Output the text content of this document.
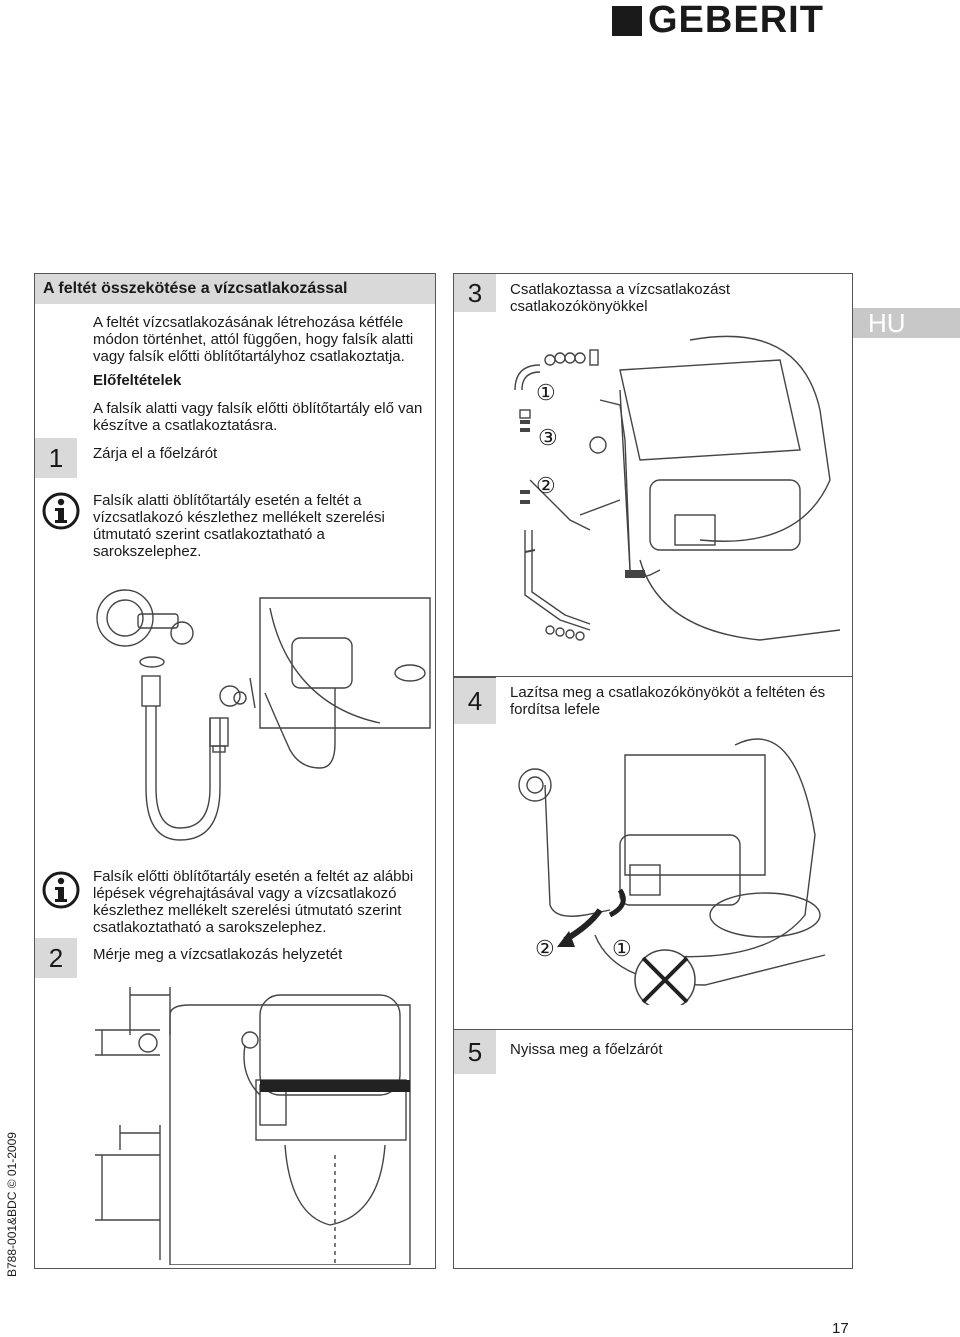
GEBERIT
HU
A feltét összekötése a vízcsatlakozással
A feltét vízcsatlakozásának létrehozása kétféle módon történhet, attól függően, hogy falsík alatti vagy falsík előtti öblítőtartályhoz csatlakoztatja.
Előfeltételek
A falsík alatti vagy falsík előtti öblítőtartály elő van készítve a csatlakoztatásra.
1 Zárja el a főelzárót
Falsík alatti öblítőtartály esetén a feltét a vízcsatlakozó készlethez mellékelt szerelési útmutató szerint csatlakoztatható a sarokszelephez.
Falsík előtti öblítőtartály esetén a feltét az alábbi lépések végrehajtásával vagy a vízcsatlakozó készlethez mellékelt szerelési útmutató szerint csatlakoztatható a sarokszelephez.
2 Mérje meg a vízcsatlakozás helyzetét
3 Csatlakoztassa a vízcsatlakozást csatlakozókönyökkel
①
③
②
4 Lazítsa meg a csatlakozókönyököt a feltéten és fordítsa lefele
②	①
5 Nyissa meg a főelzárót
B788-001&BDC © 01-2009
17
